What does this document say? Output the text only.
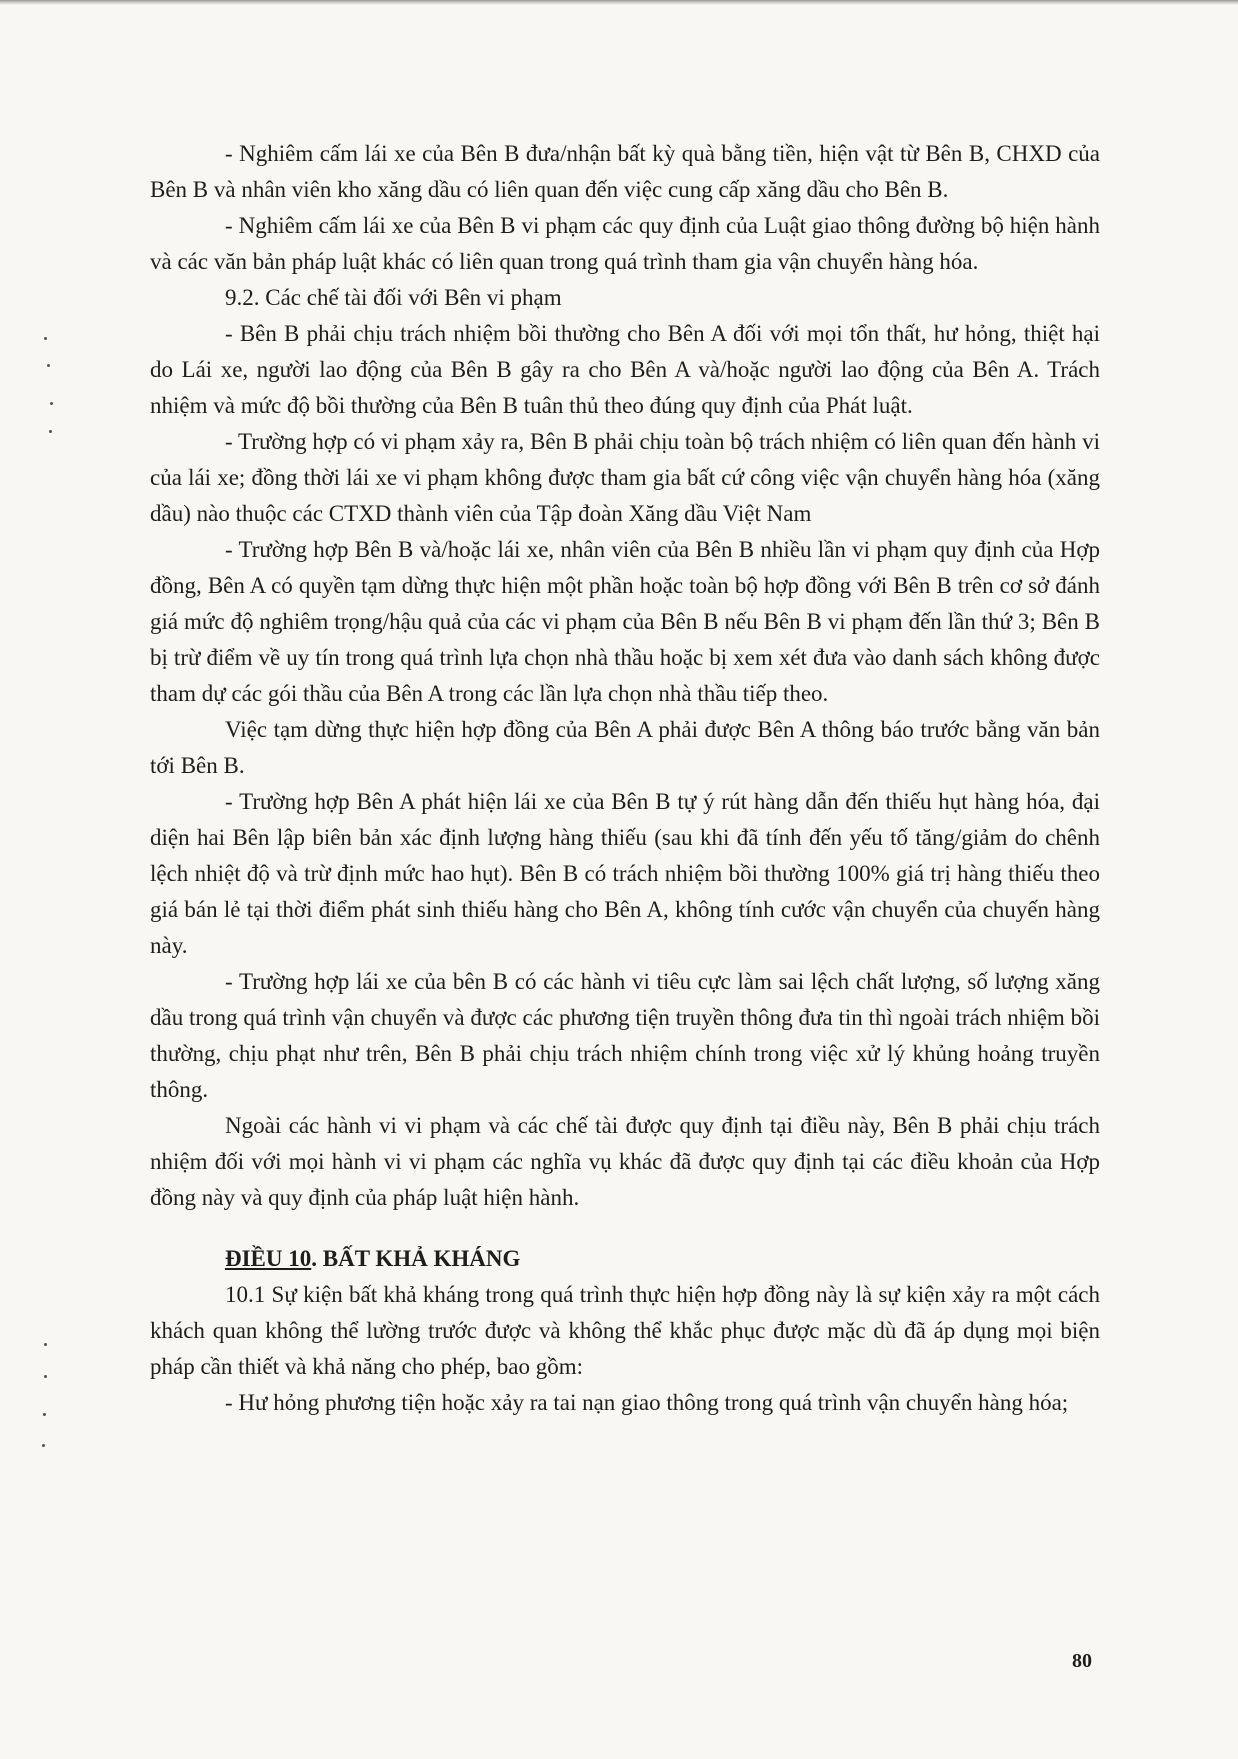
- Nghiêm cấm lái xe của Bên B đưa/nhận bất kỳ quà bằng tiền, hiện vật từ Bên B, CHXD của Bên B và nhân viên kho xăng dầu có liên quan đến việc cung cấp xăng dầu cho Bên B.

- Nghiêm cấm lái xe của Bên B vi phạm các quy định của Luật giao thông đường bộ hiện hành và các văn bản pháp luật khác có liên quan trong quá trình tham gia vận chuyển hàng hóa.

9.2. Các chế tài đối với Bên vi phạm

- Bên B phải chịu trách nhiệm bồi thường cho Bên A đối với mọi tổn thất, hư hỏng, thiệt hại do Lái xe, người lao động của Bên B gây ra cho Bên A và/hoặc người lao động của Bên A. Trách nhiệm và mức độ bồi thường của Bên B tuân thủ theo đúng quy định của Phát luật.

- Trường hợp có vi phạm xảy ra, Bên B phải chịu toàn bộ trách nhiệm có liên quan đến hành vi của lái xe; đồng thời lái xe vi phạm không được tham gia bất cứ công việc vận chuyển hàng hóa (xăng dầu) nào thuộc các CTXD thành viên của Tập đoàn Xăng dầu Việt Nam

- Trường hợp Bên B và/hoặc lái xe, nhân viên của Bên B nhiều lần vi phạm quy định của Hợp đồng, Bên A có quyền tạm dừng thực hiện một phần hoặc toàn bộ hợp đồng với Bên B trên cơ sở đánh giá mức độ nghiêm trọng/hậu quả của các vi phạm của Bên B nếu Bên B vi phạm đến lần thứ 3; Bên B bị trừ điểm về uy tín trong quá trình lựa chọn nhà thầu hoặc bị xem xét đưa vào danh sách không được tham dự các gói thầu của Bên A trong các lần lựa chọn nhà thầu tiếp theo.

Việc tạm dừng thực hiện hợp đồng của Bên A phải được Bên A thông báo trước bằng văn bản tới Bên B.

- Trường hợp Bên A phát hiện lái xe của Bên B tự ý rút hàng dẫn đến thiếu hụt hàng hóa, đại diện hai Bên lập biên bản xác định lượng hàng thiếu (sau khi đã tính đến yếu tố tăng/giảm do chênh lệch nhiệt độ và trừ định mức hao hụt). Bên B có trách nhiệm bồi thường 100% giá trị hàng thiếu theo giá bán lẻ tại thời điểm phát sinh thiếu hàng cho Bên A, không tính cước vận chuyển của chuyến hàng này.

- Trường hợp lái xe của bên B có các hành vi tiêu cực làm sai lệch chất lượng, số lượng xăng dầu trong quá trình vận chuyển và được các phương tiện truyền thông đưa tin thì ngoài trách nhiệm bồi thường, chịu phạt như trên, Bên B phải chịu trách nhiệm chính trong việc xử lý khủng hoảng truyền thông.

Ngoài các hành vi vi phạm và các chế tài được quy định tại điều này, Bên B phải chịu trách nhiệm đối với mọi hành vi vi phạm các nghĩa vụ khác đã được quy định tại các điều khoản của Hợp đồng này và quy định của pháp luật hiện hành.

ĐIỀU 10. BẤT KHẢ KHÁNG

10.1 Sự kiện bất khả kháng trong quá trình thực hiện hợp đồng này là sự kiện xảy ra một cách khách quan không thể lường trước được và không thể khắc phục được mặc dù đã áp dụng mọi biện pháp cần thiết và khả năng cho phép, bao gồm:

- Hư hỏng phương tiện hoặc xảy ra tai nạn giao thông trong quá trình vận chuyển hàng hóa;

80
